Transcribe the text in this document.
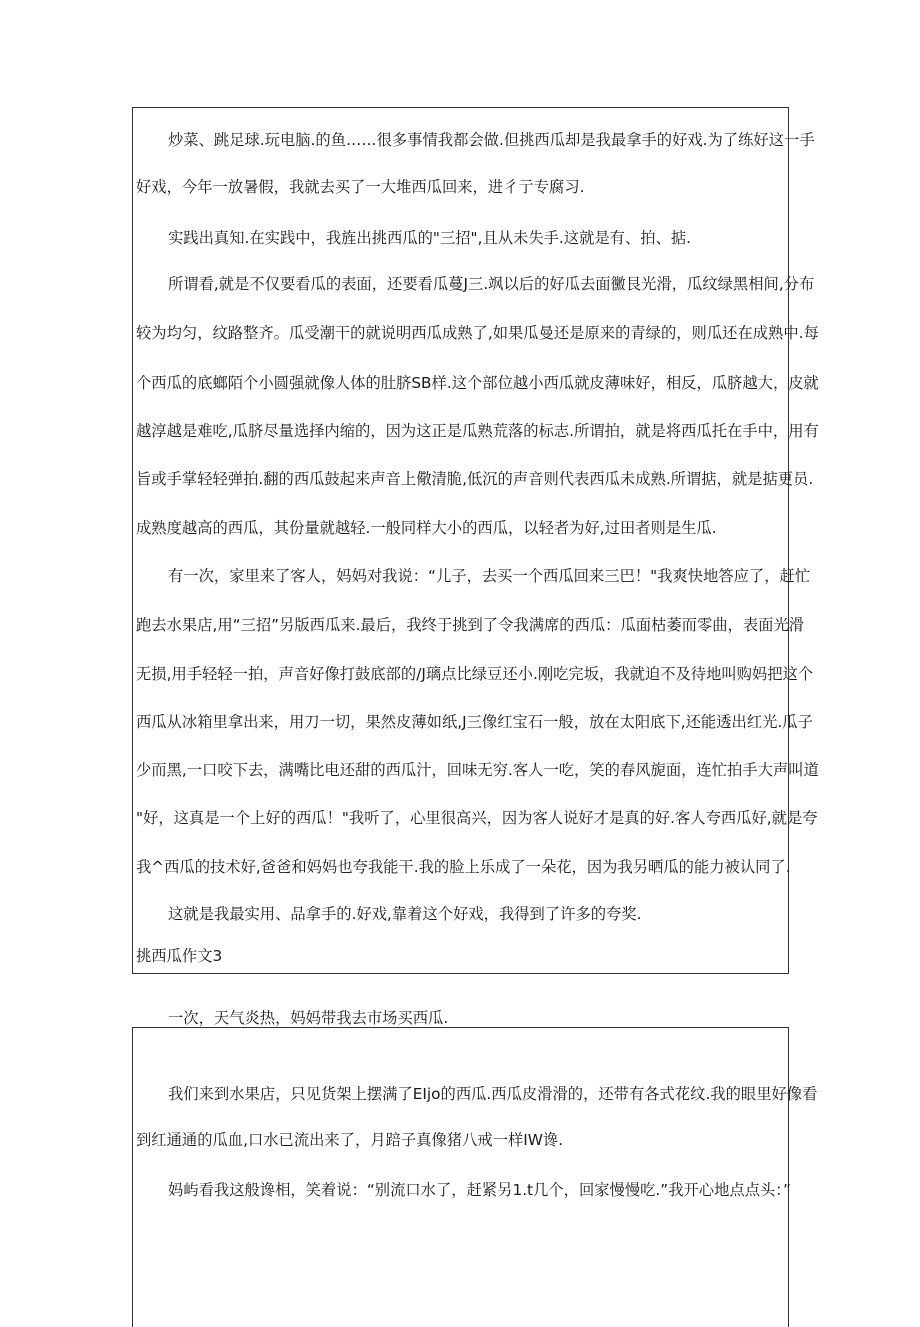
炒菜、跳足球.玩电脑.的鱼……很多事情我都会做.但挑西瓜却是我最拿手的好戏.为了练好这一手
好戏，今年一放暑假，我就去买了一大堆西瓜回来，进彳亍专腐习.
实践出真知.在实践中，我旌出挑西瓜的"三招",且从未失手.这就是有、拍、掂.
所谓看,就是不仅要看瓜的表面，还要看瓜蔓J三.飒以后的好瓜去面黴艮光滑，瓜纹绿黑相间,分布
较为均匀，纹路整齐。瓜受潮干的就说明西瓜成熟了,如果瓜曼还是原来的青绿的，则瓜还在成熟中.每
个西瓜的底螂陌个小圆强就像人体的肚脐SB样.这个部位越小西瓜就皮薄味好，相反，瓜脐越大，皮就
越淳越是难吃,瓜脐尽量选择内缩的，因为这正是瓜熟荒落的标志.所谓拍，就是将西瓜托在手中，用有
旨或手掌轻轻弹拍.翻的西瓜鼓起来声音上儆清脆,低沉的声音则代表西瓜未成熟.所谓掂，就是掂更员.
成熟度越高的西瓜，其份量就越轻.一般同样大小的西瓜，以轻者为好,过田者则是生瓜.
有一次，家里来了客人，妈妈对我说：“儿子，去买一个西瓜回来三巴！"我爽快地答应了，赶忙
跑去水果店,用“三招”另版西瓜来.最后，我终于挑到了令我满席的西瓜：瓜面枯萎而零曲，表面光滑
无损,用手轻轻一拍，声音好像打鼓底部的/J璃点比绿豆还小.刚吃完坂，我就迫不及待地叫购妈把这个
西瓜从冰箱里拿出来，用刀一切，果然皮薄如纸,J三像红宝石一般，放在太阳底下,还能透出红光.瓜子
少而黑,一口咬下去，满嘴比电还甜的西瓜汁，回味无穷.客人一吃，笑的春风旎面，连忙拍手大声叫道
"好，这真是一个上好的西瓜！"我听了，心里很高兴，因为客人说好才是真的好.客人夸西瓜好,就是夸
我^西瓜的技术好,爸爸和妈妈也夸我能干.我的脸上乐成了一朵花，因为我另晒瓜的能力被认同了.
这就是我最实用、品拿手的.好戏,靠着这个好戏，我得到了许多的夸奖.
挑西瓜作文3
一次，天气炎热，妈妈带我去市场买西瓜.
我们来到水果店，只见货架上摆满了EIjo的西瓜.西瓜皮滑滑的，还带有各式花纹.我的眼里好像看
到红通通的瓜血,口水已流出来了，月踣子真像猪八戒一样IW谗.
妈屿看我这般谗相，笑着说：“别流口水了，赶紧另1.t几个，回家慢慢吃.”我开心地点点头：”
